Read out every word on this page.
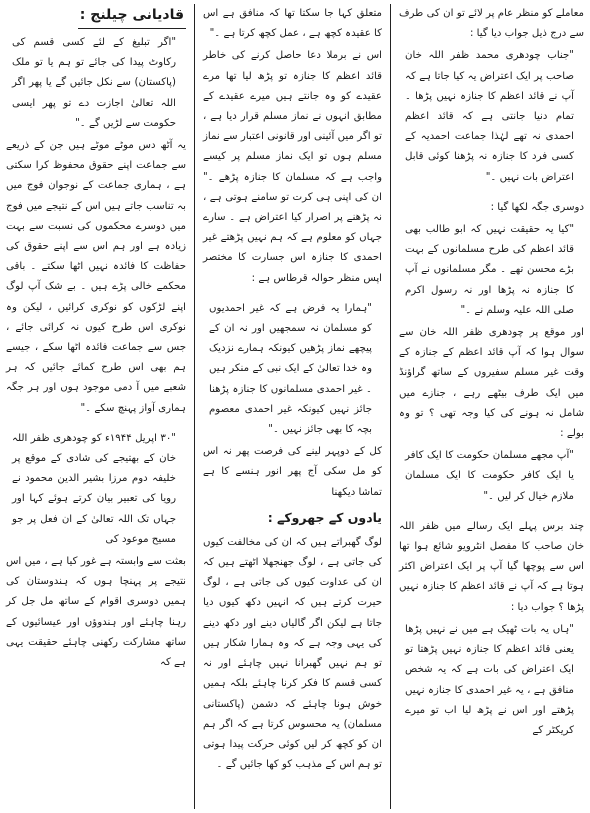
معاملے کو منظر عام پر لائے تو ان کی طرف سے درج ذیل جواب دیا گیا :

"جناب چودھری محمد ظفر اللہ خان صاحب پر ایک اعتراض یہ کیا جاتا ہے کہ آپ نے قائد اعظم کا جنازہ نہیں پڑھا ۔ تمام دنیا جانتی ہے کہ قائد اعظم احمدی نہ تھے لہٰذا جماعت احمدیہ کے کسی فرد کا جنازہ نہ پڑھنا کوئی قابل اعتراض بات نہیں ۔"

دوسری جگہ لکھا گیا :

"کیا یہ حقیقت نہیں کہ ابو طالب بھی قائد اعظم کی طرح مسلمانوں کے بہت بڑے محسن تھے ۔ مگر مسلمانوں نے آپ کا جنازہ نہ پڑھا اور نہ رسول اکرم صلی اللہ علیہ وسلم نے ۔"

اور موقع پر چودھری ظفر اللہ خان سے سوال ہوا کہ آپ قائد اعظم کے جنازہ کے وقت غیر مسلم سفیروں کے ساتھ گراؤنڈ میں ایک طرف بیٹھے رہے ، جنازے میں شامل نہ ہونے کی کیا وجہ تھی ؟ تو وہ بولے :

"آپ مجھے مسلمان حکومت کا ایک کافر یا ایک کافر حکومت کا ایک مسلمان ملازم خیال کر لیں ۔"

چند برس پہلے ایک رسالے میں ظفر اللہ خان صاحب کا مفصل انٹرویو شائع ہوا تھا اس سے پوچھا گیا آپ پر ایک اعتراض اکثر ہوتا ہے کہ آپ نے قائد اعظم کا جنازہ نہیں پڑھا ؟ جواب دیا :

"ہاں یہ بات ٹھیک ہے میں نے نہیں پڑھا یعنی قائد اعظم کا جنازہ نہیں پڑھتا تو ایک اعتراض کی بات ہے کہ یہ شخص منافق ہے ، یہ غیر احمدی کا جنازہ نہیں پڑھتے اور اس نے پڑھ لیا اب تو میرے کریکٹر کے

متعلق کہا جا سکتا تھا کہ منافق ہے اس کا عقیدہ کچھ ہے ، عمل کچھ کرتا ہے ۔"

اس نے برملا دعا حاصل کرنے کی خاطر قائد اعظم کا جنازہ تو پڑھ لیا تھا مرے عقیدے کو وہ جانتے ہیں میرے عقیدے کے مطابق انہوں نے نماز مسلم قرار دیا ہے ، تو اگر میں آئینی اور قانونی اعتبار سے نماز مسلم ہوں تو ایک نماز مسلم پر کیسے واجب ہے کہ مسلمان کا جنازہ پڑھے ۔" ان کی اپنی ہی کرت تو سامنے ہوتی ہے ، نہ پڑھنے پر اصرار کیا اعتراض ہے ۔ سارے جہاں کو معلوم ہے کہ ہم نہیں پڑھتے غیر احمدی کا جنازہ اس جسارت کا مختصر اپس منظر حوالہ قرطاس ہے :

"ہمارا یہ فرض ہے کہ غیر احمدیوں کو مسلمان نہ سمجھیں اور نہ ان کے پیچھے نماز پڑھیں کیونکہ ہمارے نزدیک وہ خدا تعالیٰ کے ایک نبی کے منکر ہیں ۔ غیر احمدی مسلمانوں کا جنازہ پڑھنا جائز نہیں کیونکہ غیر احمدی معصوم بچہ کا بھی جائز نہیں ۔"

کل کے دوپہر لینے کی فرصت پھر نہ اس کو مل سکی آج پھر انور ہنسے کا ہے تماشا دیکھنا

یادوں کے جھروکے :

لوگ گھبراتے ہیں کہ ان کی مخالفت کیوں کی جاتی ہے ، لوگ جھنجھلا اٹھتے ہیں کہ ان کی عداوت کیوں کی جاتی ہے ، لوگ حیرت کرتے ہیں کہ انہیں دکھ کیوں دیا جاتا ہے لیکن اگر گالیاں دینے اور دکھ دینے کی یہی وجہ ہے کہ وہ ہمارا شکار ہیں تو ہم نہیں گھبرانا نہیں چاہئے اور نہ کسی قسم کا فکر کرنا چاہئے بلکہ ہمیں خوش ہونا چاہئے کہ دشمن (پاکستانی مسلمان) یہ محسوس کرتا ہے کہ اگر ہم ان کو کچھ کر لیں کوئی حرکت پیدا ہوتی تو ہم اس کے مذہب کو کھا جائیں گے ۔

قادیانی چیلنج :

"اگر تبلیغ کے لئے کسی قسم کی رکاوٹ پیدا کی جائے تو ہم یا تو ملک (پاکستان) سے نکل جائیں گے یا پھر اگر اللہ تعالیٰ اجازت دے تو پھر ایسی حکومت سے لڑیں گے ۔"

یہ آٹھ دس موٹے موٹے ہیں جن کے ذریعے سے جماعت اپنے حقوق محفوظ کرا سکتی ہے ، ہماری جماعت کے نوجوان فوج میں بہ تناسب جاتے ہیں اس کے نتیجے میں فوج میں دوسرے محکموں کی نسبت سے بہت زیادہ ہے اور ہم اس سے اپنے حقوق کی حفاظت کا فائدہ نہیں اٹھا سکتے ۔ باقی محکمے خالی پڑے ہیں ۔ بے شک آپ لوگ اپنے لڑکوں کو نوکری کرائیں ، لیکن وہ نوکری اس طرح کیوں نہ کرائی جائے ، جس سے جماعت فائدہ اٹھا سکے ، جیسے ہم بھی اس طرح کمائے جائیں کہ ہر شعبے میں آ دمی موجود ہوں اور ہر جگہ ہماری آواز پہنچ سکے ۔"

"۳۰ اپریل ۱۹۴۴ء کو چودھری ظفر اللہ خان کے بھتیجے کی شادی کے موقع پر خلیفہ دوم مرزا بشیر الدین محمود نے رویا کی تعبیر بیان کرتے ہوئے کہا اور جہاں تک اللہ تعالیٰ کے ان فعل پر جو مسیح موعود کی

بعثت سے وابستہ ہے غور کیا ہے ، میں اس نتیجے پر پہنچا ہوں کہ ہندوستان کی ہمیں دوسری اقوام کے ساتھ مل جل کر رہنا چاہئے اور ہندوؤں اور عیسائیوں کے ساتھ مشارکت رکھنی چاہئے حقیقت یہی ہے کہ
